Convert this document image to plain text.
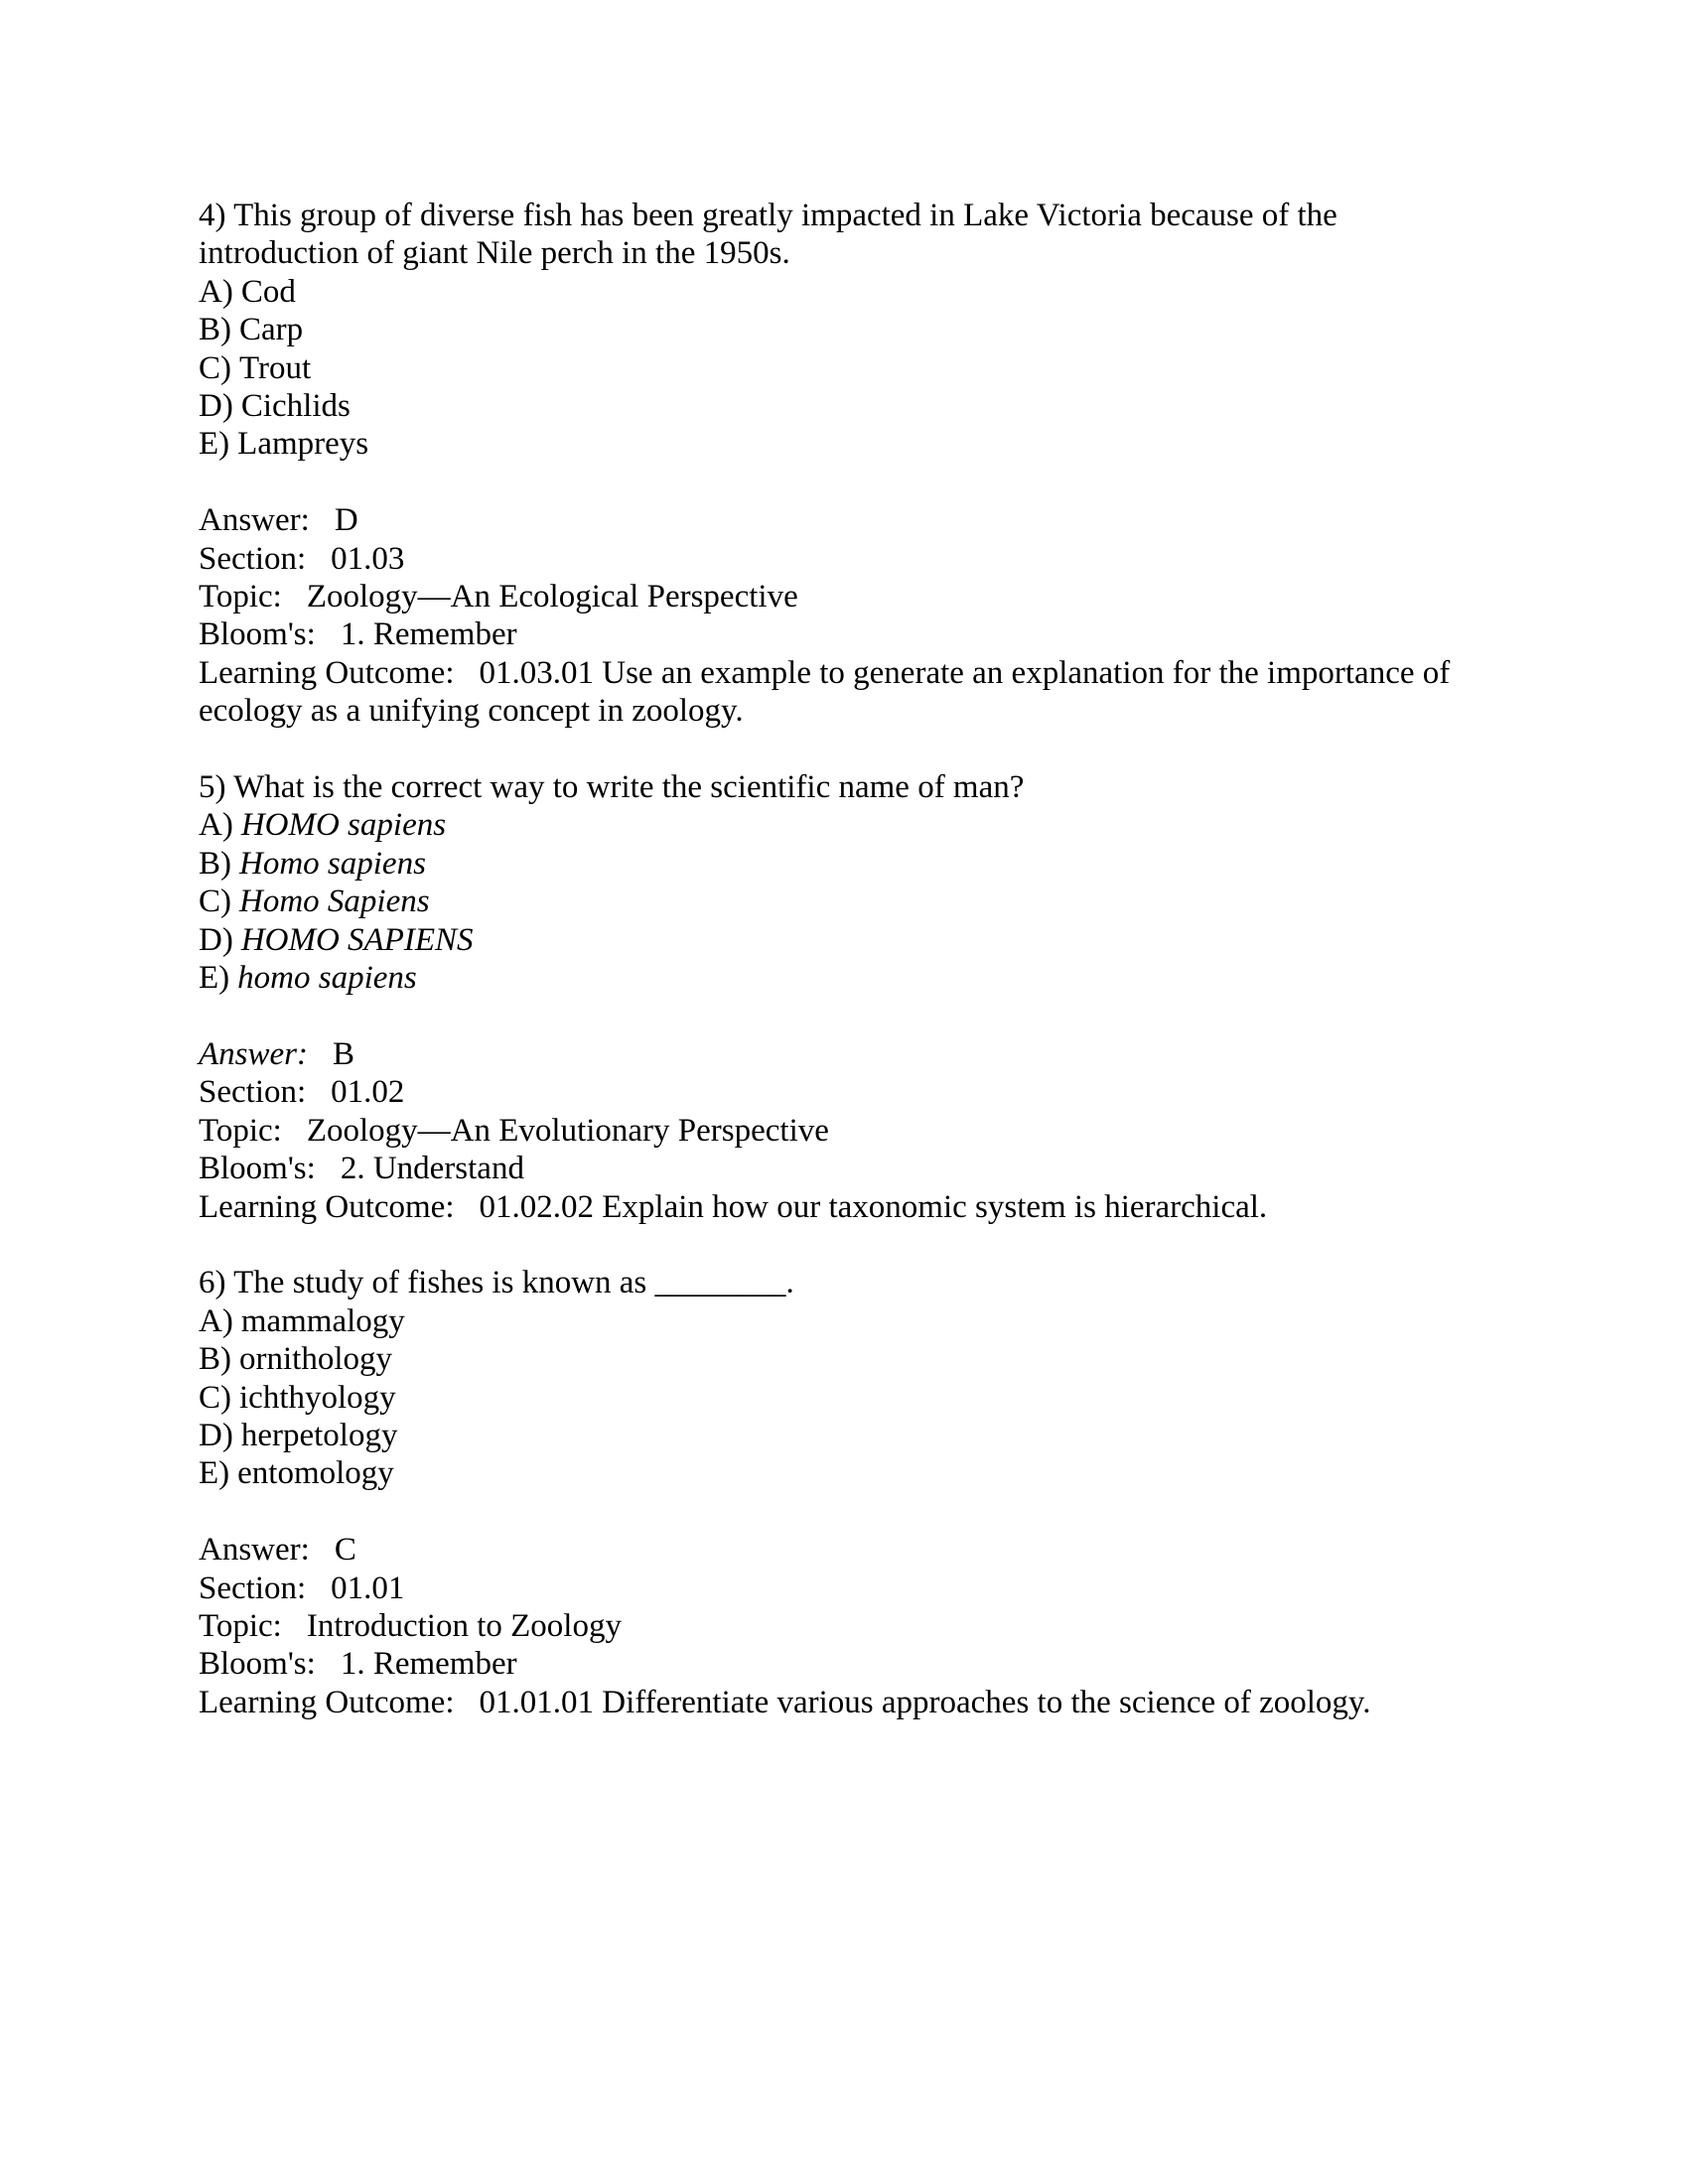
4) This group of diverse fish has been greatly impacted in Lake Victoria because of the
introduction of giant Nile perch in the 1950s.
A) Cod
B) Carp
C) Trout
D) Cichlids
E) Lampreys
Answer: D
Section: 01.03
Topic: Zoology—An Ecological Perspective
Bloom's: 1. Remember
Learning Outcome: 01.03.01 Use an example to generate an explanation for the importance of
ecology as a unifying concept in zoology.
5) What is the correct way to write the scientific name of man?
A) HOMO sapiens
B) Homo sapiens
C) Homo Sapiens
D) HOMO SAPIENS
E) homo sapiens
Answer: B
Section: 01.02
Topic: Zoology—An Evolutionary Perspective
Bloom's: 2. Understand
Learning Outcome: 01.02.02 Explain how our taxonomic system is hierarchical.
6) The study of fishes is known as ________.
A) mammalogy
B) ornithology
C) ichthyology
D) herpetology
E) entomology
Answer: C
Section: 01.01
Topic: Introduction to Zoology
Bloom's: 1. Remember
Learning Outcome: 01.01.01 Differentiate various approaches to the science of zoology.
